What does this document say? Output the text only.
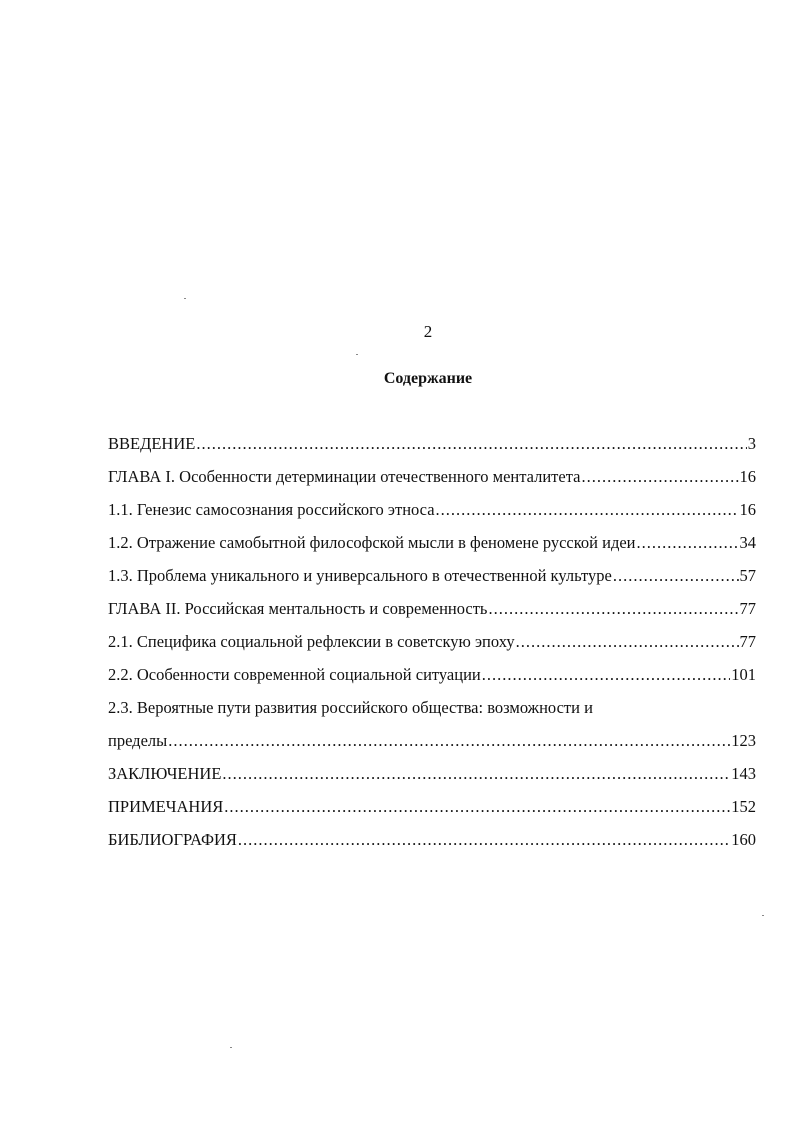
2
Содержание
ВВЕДЕНИЕ .....	3
ГЛАВА I. Особенности детерминации отечественного менталитета .....	16
1.1. Генезис самосознания российского этноса .....	16
1.2. Отражение самобытной философской мысли в феномене русской идеи .....	34
1.3. Проблема уникального и универсального в отечественной культуре .....	57
ГЛАВА II. Российская ментальность и современность .....	77
2.1. Специфика социальной рефлексии в советскую эпоху .....	77
2.2. Особенности современной социальной ситуации .....	101
2.3. Вероятные пути развития российского общества: возможности и
пределы .....	123
ЗАКЛЮЧЕНИЕ .....	143
ПРИМЕЧАНИЯ .....	152
БИБЛИОГРАФИЯ .....	160
